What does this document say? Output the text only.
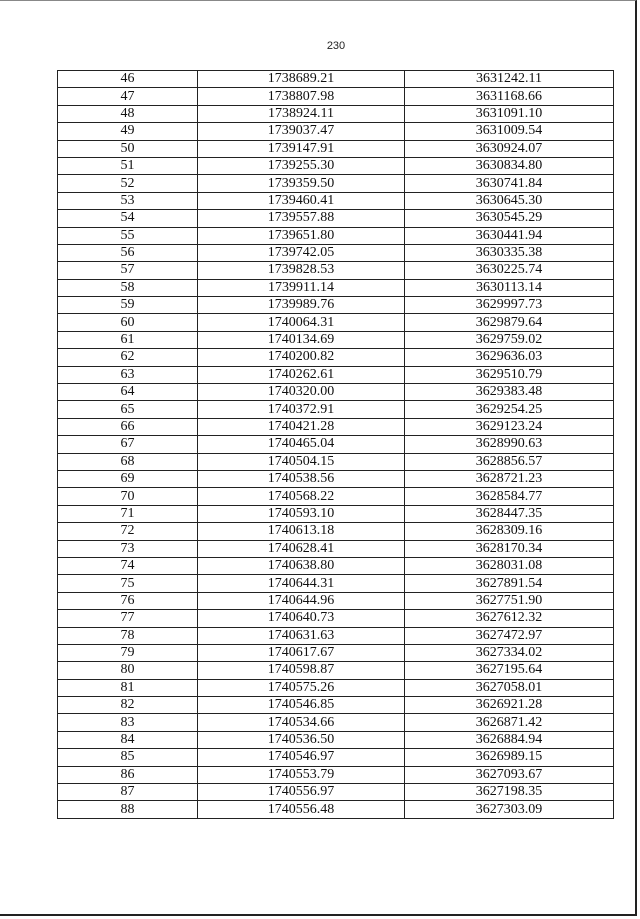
230
46	1738689.21	3631242.11
47	1738807.98	3631168.66
48	1738924.11	3631091.10
49	1739037.47	3631009.54
50	1739147.91	3630924.07
51	1739255.30	3630834.80
52	1739359.50	3630741.84
53	1739460.41	3630645.30
54	1739557.88	3630545.29
55	1739651.80	3630441.94
56	1739742.05	3630335.38
57	1739828.53	3630225.74
58	1739911.14	3630113.14
59	1739989.76	3629997.73
60	1740064.31	3629879.64
61	1740134.69	3629759.02
62	1740200.82	3629636.03
63	1740262.61	3629510.79
64	1740320.00	3629383.48
65	1740372.91	3629254.25
66	1740421.28	3629123.24
67	1740465.04	3628990.63
68	1740504.15	3628856.57
69	1740538.56	3628721.23
70	1740568.22	3628584.77
71	1740593.10	3628447.35
72	1740613.18	3628309.16
73	1740628.41	3628170.34
74	1740638.80	3628031.08
75	1740644.31	3627891.54
76	1740644.96	3627751.90
77	1740640.73	3627612.32
78	1740631.63	3627472.97
79	1740617.67	3627334.02
80	1740598.87	3627195.64
81	1740575.26	3627058.01
82	1740546.85	3626921.28
83	1740534.66	3626871.42
84	1740536.50	3626884.94
85	1740546.97	3626989.15
86	1740553.79	3627093.67
87	1740556.97	3627198.35
88	1740556.48	3627303.09
